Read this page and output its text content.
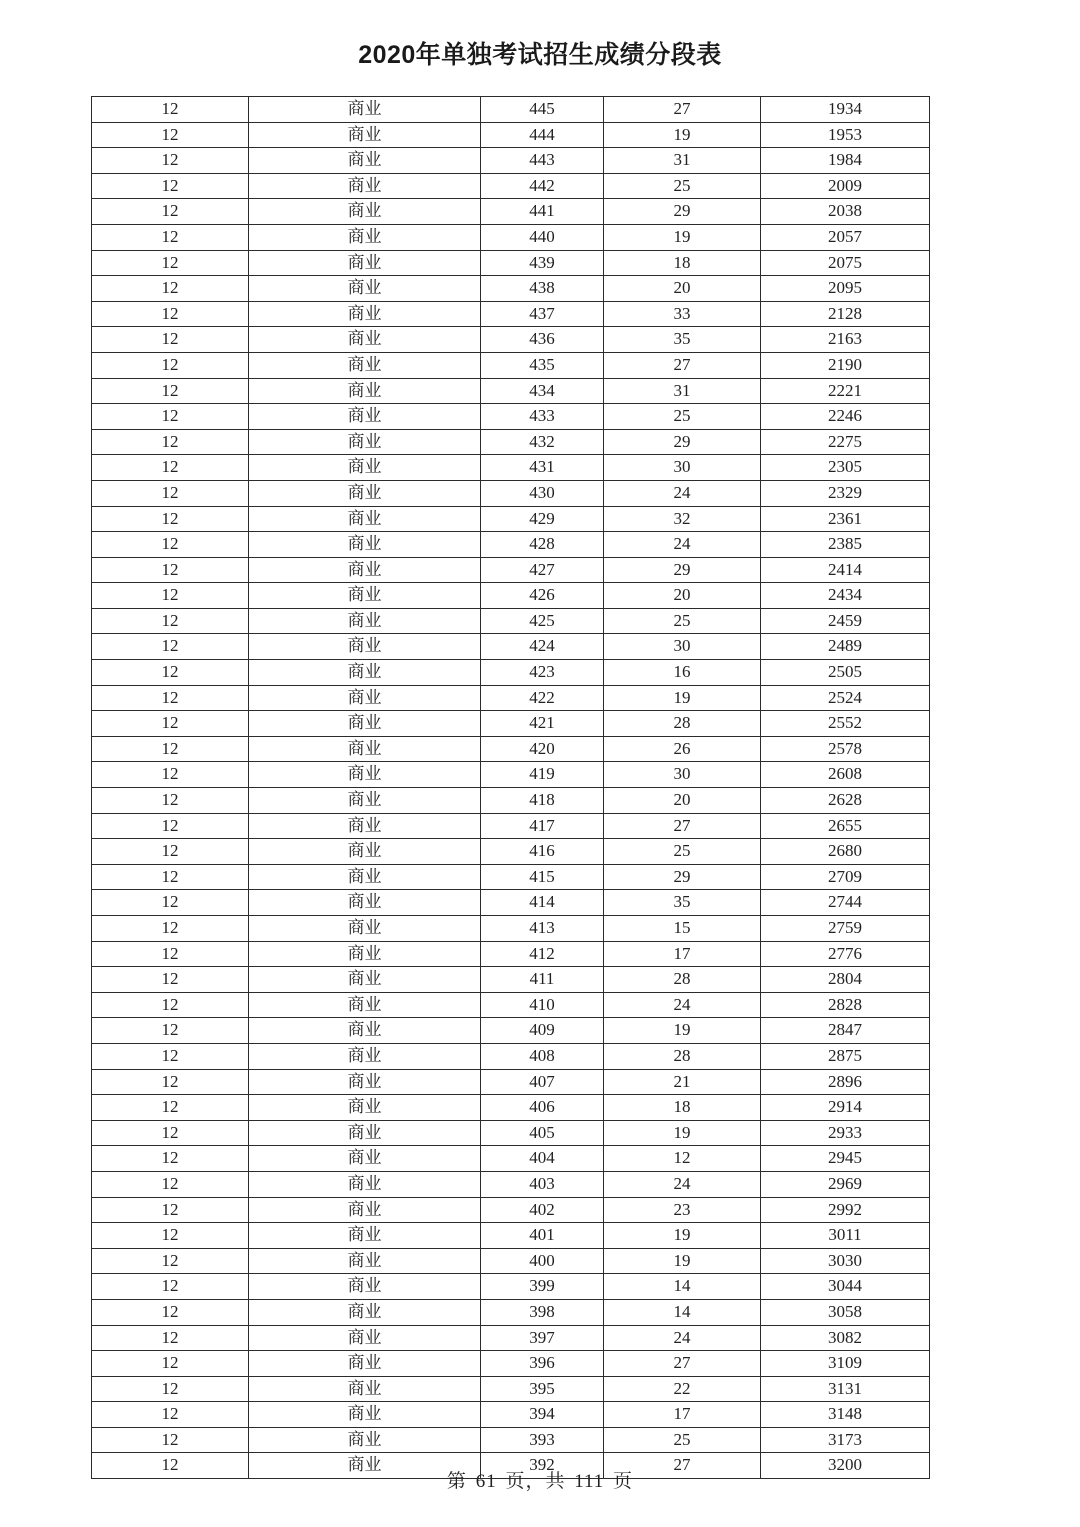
2020年单独考试招生成绩分段表
12	商业	445	27	1934
12	商业	444	19	1953
12	商业	443	31	1984
12	商业	442	25	2009
12	商业	441	29	2038
12	商业	440	19	2057
12	商业	439	18	2075
12	商业	438	20	2095
12	商业	437	33	2128
12	商业	436	35	2163
12	商业	435	27	2190
12	商业	434	31	2221
12	商业	433	25	2246
12	商业	432	29	2275
12	商业	431	30	2305
12	商业	430	24	2329
12	商业	429	32	2361
12	商业	428	24	2385
12	商业	427	29	2414
12	商业	426	20	2434
12	商业	425	25	2459
12	商业	424	30	2489
12	商业	423	16	2505
12	商业	422	19	2524
12	商业	421	28	2552
12	商业	420	26	2578
12	商业	419	30	2608
12	商业	418	20	2628
12	商业	417	27	2655
12	商业	416	25	2680
12	商业	415	29	2709
12	商业	414	35	2744
12	商业	413	15	2759
12	商业	412	17	2776
12	商业	411	28	2804
12	商业	410	24	2828
12	商业	409	19	2847
12	商业	408	28	2875
12	商业	407	21	2896
12	商业	406	18	2914
12	商业	405	19	2933
12	商业	404	12	2945
12	商业	403	24	2969
12	商业	402	23	2992
12	商业	401	19	3011
12	商业	400	19	3030
12	商业	399	14	3044
12	商业	398	14	3058
12	商业	397	24	3082
12	商业	396	27	3109
12	商业	395	22	3131
12	商业	394	17	3148
12	商业	393	25	3173
12	商业	392	27	3200
第 61 页，共 111 页
